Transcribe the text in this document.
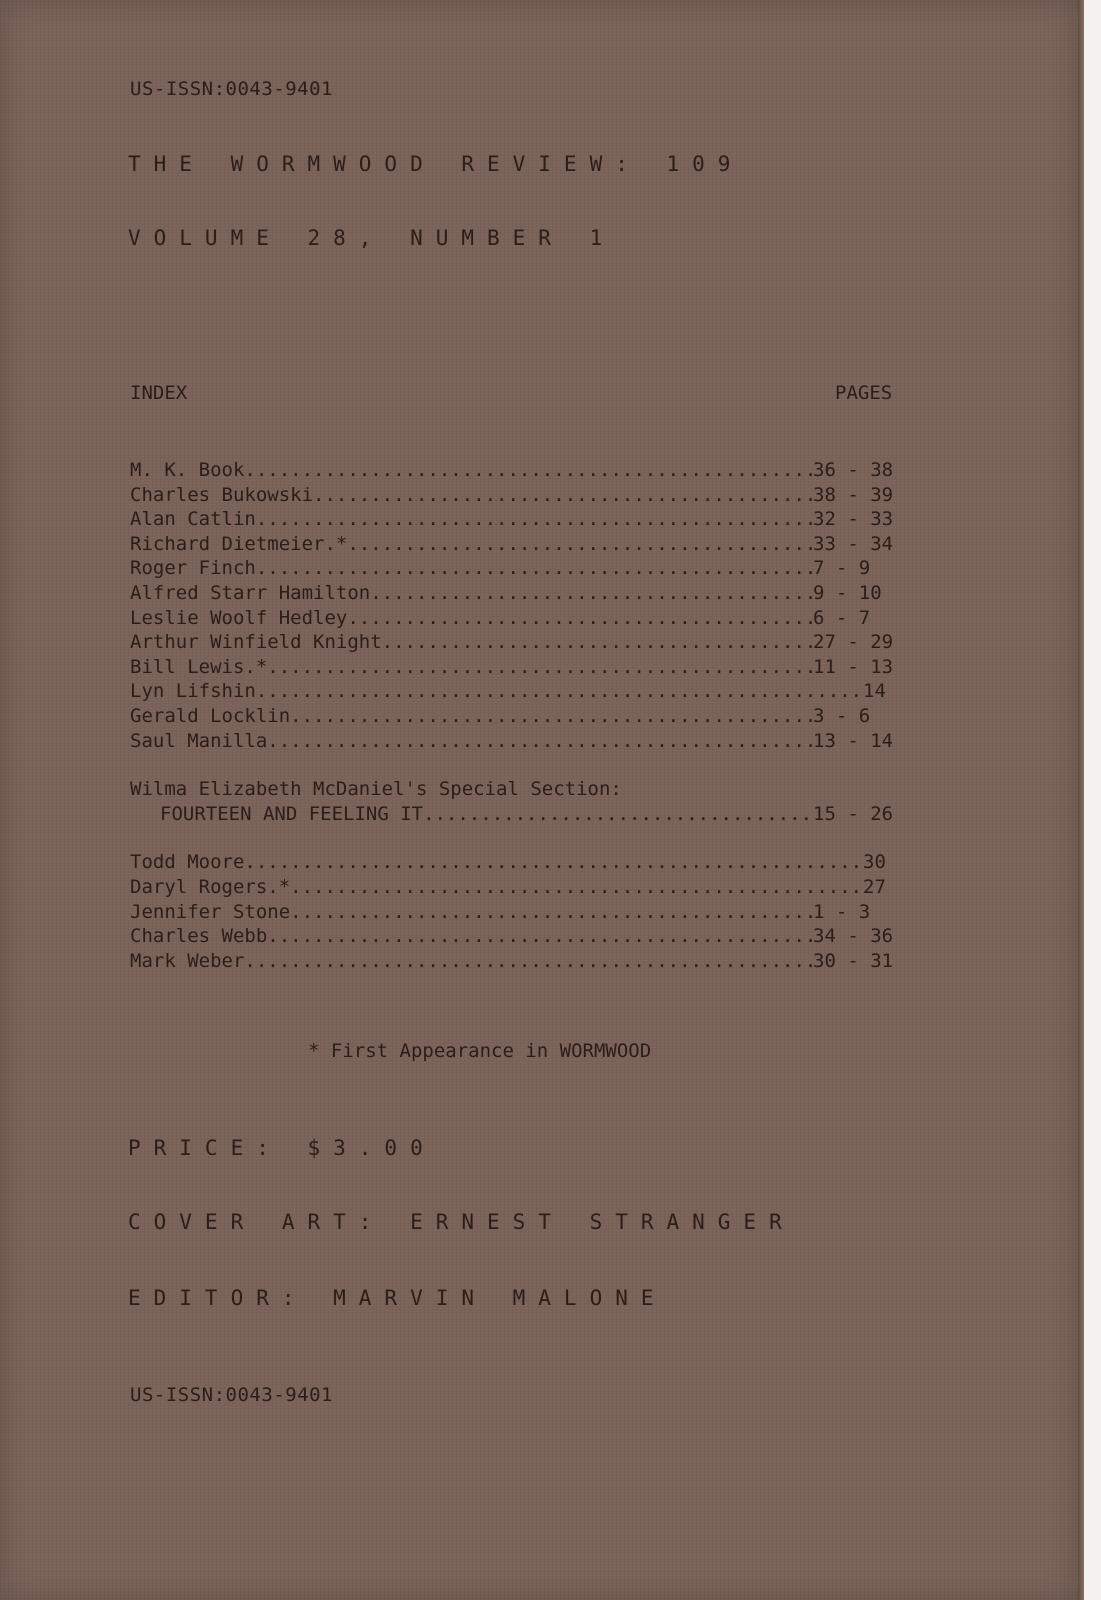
US-ISSN:0043-9401
THE WORMWOOD REVIEW: 109
VOLUME 28, NUMBER 1
INDEX	PAGES
M. K. Book .....	36 - 38
Charles Bukowski .....	38 - 39
Alan Catlin .....	32 - 33
Richard Dietmeier.* .....	33 - 34
Roger Finch .....	7 - 9
Alfred Starr Hamilton .....	9 - 10
Leslie Woolf Hedley .....	6 - 7
Arthur Winfield Knight .....	27 - 29
Bill Lewis.* .....	11 - 13
Lyn Lifshin .....	14
Gerald Locklin .....	3 - 6
Saul Manilla .....	13 - 14
Wilma Elizabeth McDaniel's Special Section:
FOURTEEN AND FEELING IT .....	15 - 26
Todd Moore .....	30
Daryl Rogers.* .....	27
Jennifer Stone .....	1 - 3
Charles Webb .....	34 - 36
Mark Weber .....	30 - 31
* First Appearance in WORMWOOD
PRICE: $3.00
COVER ART: ERNEST STRANGER
EDITOR: MARVIN MALONE
US-ISSN:0043-9401
